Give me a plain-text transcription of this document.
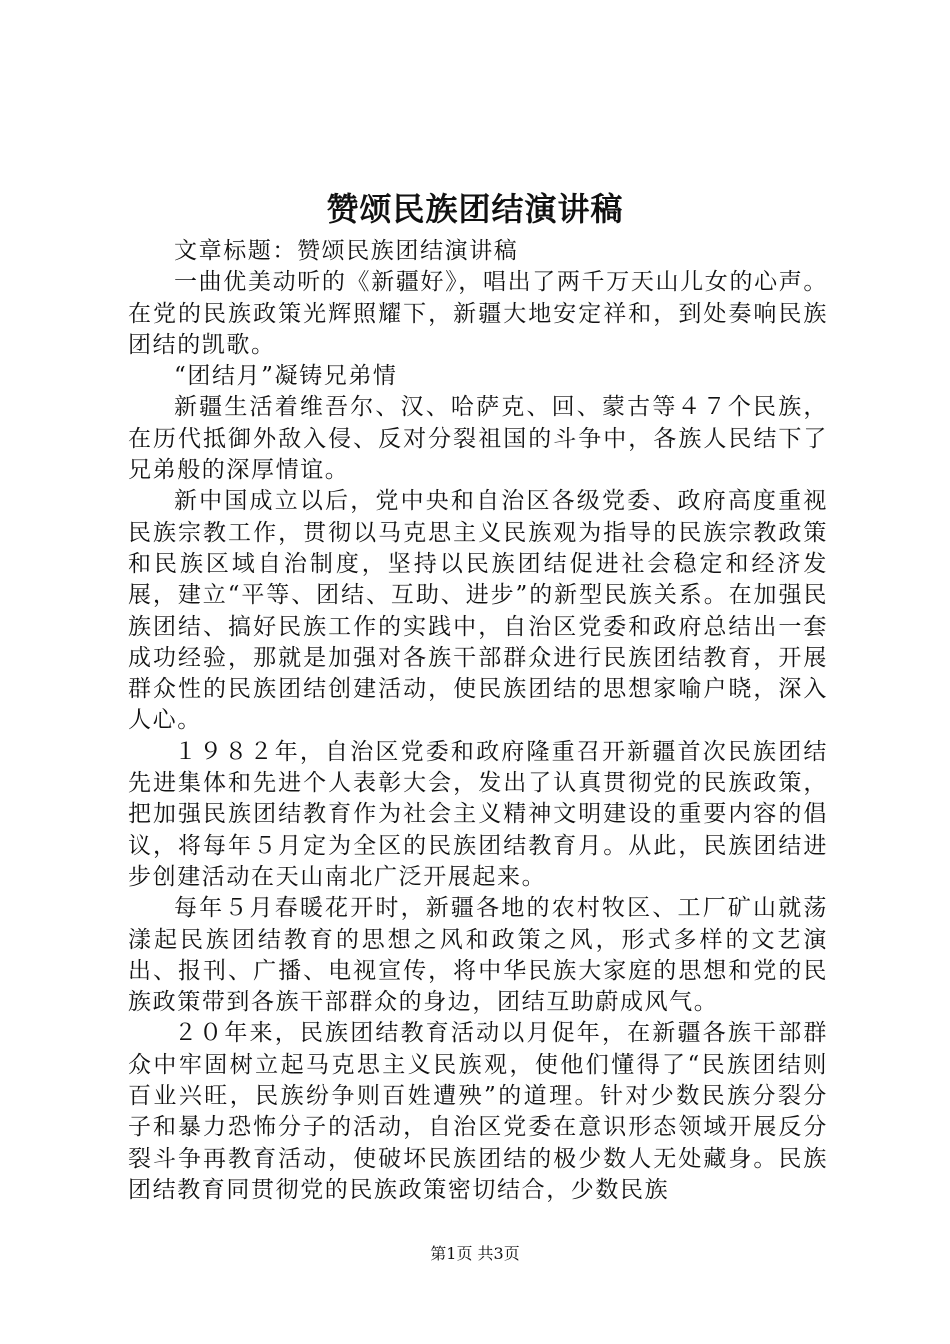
赞颂民族团结演讲稿

文章标题：赞颂民族团结演讲稿

一曲优美动听的《新疆好》，唱出了两千万天山儿女的心声。在党的民族政策光辉照耀下，新疆大地安定祥和，到处奏响民族团结的凯歌。

“团结月”凝铸兄弟情

新疆生活着维吾尔、汉、哈萨克、回、蒙古等４７个民族，在历代抵御外敌入侵、反对分裂祖国的斗争中，各族人民结下了兄弟般的深厚情谊。

新中国成立以后，党中央和自治区各级党委、政府高度重视民族宗教工作，贯彻以马克思主义民族观为指导的民族宗教政策和民族区域自治制度，坚持以民族团结促进社会稳定和经济发展，建立“平等、团结、互助、进步”的新型民族关系。在加强民族团结、搞好民族工作的实践中，自治区党委和政府总结出一套成功经验，那就是加强对各族干部群众进行民族团结教育，开展群众性的民族团结创建活动，使民族团结的思想家喻户晓，深入人心。

１９８２年，自治区党委和政府隆重召开新疆首次民族团结先进集体和先进个人表彰大会，发出了认真贯彻党的民族政策，把加强民族团结教育作为社会主义精神文明建设的重要内容的倡议，将每年５月定为全区的民族团结教育月。从此，民族团结进步创建活动在天山南北广泛开展起来。

每年５月春暖花开时，新疆各地的农村牧区、工厂矿山就荡漾起民族团结教育的思想之风和政策之风，形式多样的文艺演出、报刊、广播、电视宣传，将中华民族大家庭的思想和党的民族政策带到各族干部群众的身边，团结互助蔚成风气。

２０年来，民族团结教育活动以月促年，在新疆各族干部群众中牢固树立起马克思主义民族观，使他们懂得了“民族团结则百业兴旺，民族纷争则百姓遭殃”的道理。针对少数民族分裂分子和暴力恐怖分子的活动，自治区党委在意识形态领域开展反分裂斗争再教育活动，使破坏民族团结的极少数人无处藏身。民族团结教育同贯彻党的民族政策密切结合，少数民族

第1页 共3页
